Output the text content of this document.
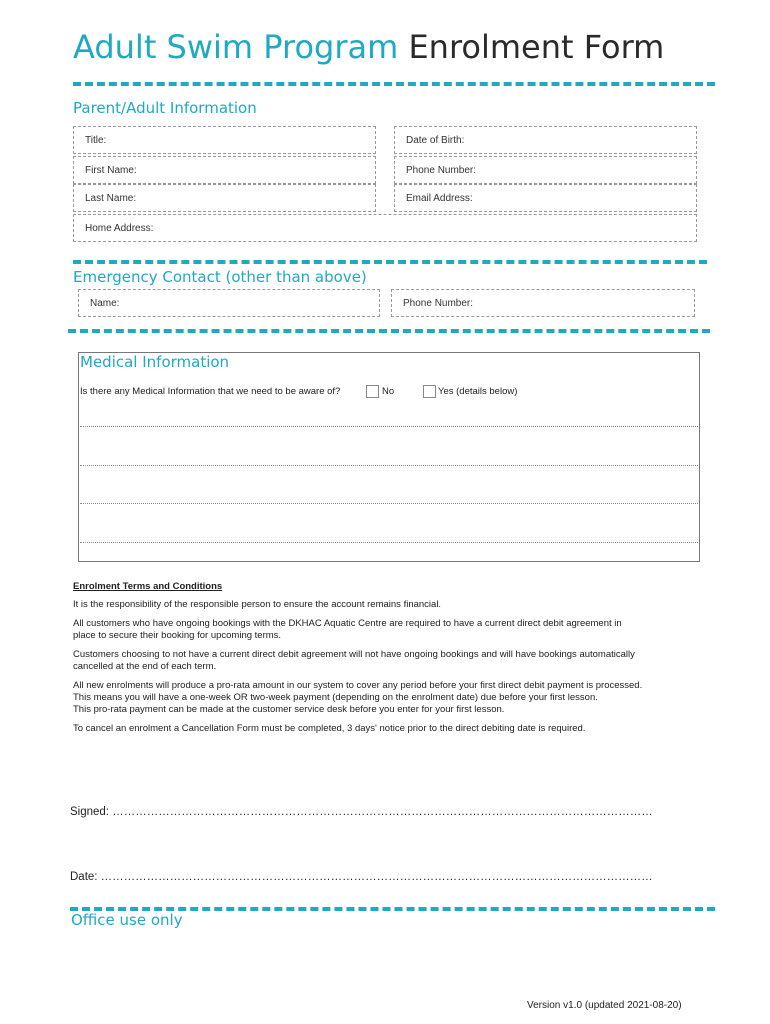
Adult Swim Program Enrolment Form
Parent/Adult Information
Title:	Date of Birth:
First Name:	Phone Number:
Last Name:	Email Address:
Home Address:
Emergency Contact (other than above)
Name:	Phone Number:
Medical Information
Is there any Medical Information that we need to be aware of?	No	Yes (details below)

Enrolment Terms and Conditions

It is the responsibility of the responsible person to ensure the account remains financial.

All customers who have ongoing bookings with the DKHAC Aquatic Centre are required to have a current direct debit agreement in

place to secure their booking for upcoming terms.

Customers choosing to not have a current direct debit agreement will not have ongoing bookings and will have bookings automatically

cancelled at the end of each term.

All new enrolments will produce a pro-rata amount in our system to cover any period before your first direct debit payment is processed.

This means you will have a one-week OR two-week payment (depending on the enrolment date) due before your first lesson.

This pro-rata payment can be made at the customer service desk before you enter for your first lesson.

To cancel an enrolment a Cancellation Form must be completed, 3 days' notice prior to the direct debiting date is required.

Signed: ……………………………………………………………………………………………………………………………
Date: ………………………………………………………………………………………………………………………………
Office use only
Version v1.0 (updated 2021-08-20)
